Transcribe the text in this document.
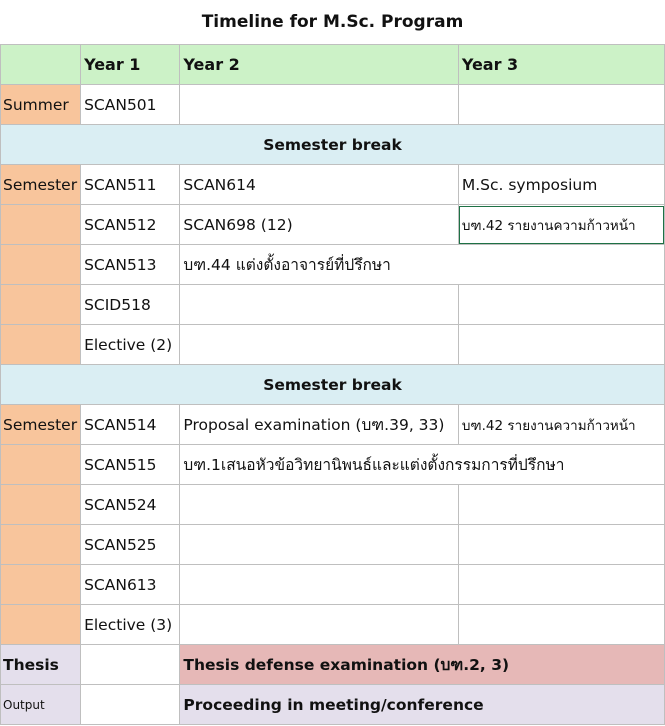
Timeline for M.Sc. Program			
	Year 1	Year 2	Year 3
Summer	SCAN501		
Semester break			
Semester	SCAN511	SCAN614	M.Sc. symposium
	SCAN512	SCAN698 (12)	บฑ.42 รายงานความก้าวหน้า
	SCAN513	บฑ.44 แต่งตั้งอาจารย์ที่ปรึกษา	
	SCID518		
	Elective (2)		
Semester break			
Semester	SCAN514	Proposal examination (บฑ.39, 33)	บฑ.42 รายงานความก้าวหน้า
	SCAN515	บฑ.1เสนอหัวข้อวิทยานิพนธ์และแต่งตั้งกรรมการที่ปรึกษา	
	SCAN524		
	SCAN525		
	SCAN613		
	Elective (3)		
Thesis		Thesis defense examination (บฑ.2, 3)	
Output		Proceeding in meeting/conference	
